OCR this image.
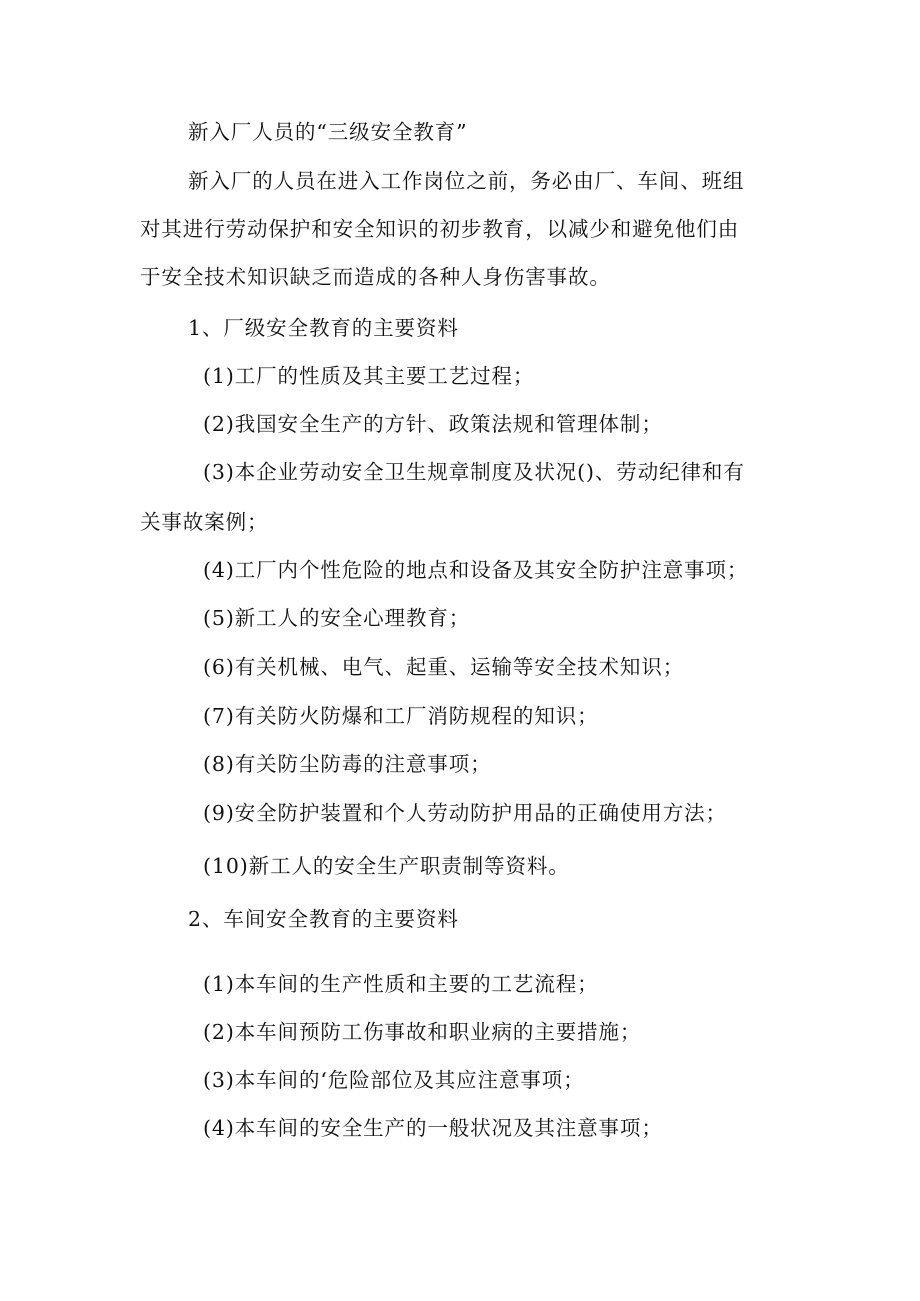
新入厂人员的“三级安全教育”
新入厂的人员在进入工作岗位之前，务必由厂、车间、班组
对其进行劳动保护和安全知识的初步教育，以减少和避免他们由
于安全技术知识缺乏而造成的各种人身伤害事故。
1、厂级安全教育的主要资料
(1)工厂的性质及其主要工艺过程；
(2)我国安全生产的方针、政策法规和管理体制；
(3)本企业劳动安全卫生规章制度及状况()、劳动纪律和有
关事故案例；
(4)工厂内个性危险的地点和设备及其安全防护注意事项；
(5)新工人的安全心理教育；
(6)有关机械、电气、起重、运输等安全技术知识；
(7)有关防火防爆和工厂消防规程的知识；
(8)有关防尘防毒的注意事项；
(9)安全防护装置和个人劳动防护用品的正确使用方法；
(10)新工人的安全生产职责制等资料。
2、车间安全教育的主要资料
(1)本车间的生产性质和主要的工艺流程；
(2)本车间预防工伤事故和职业病的主要措施；
(3)本车间的‘危险部位及其应注意事项；
(4)本车间的安全生产的一般状况及其注意事项；
